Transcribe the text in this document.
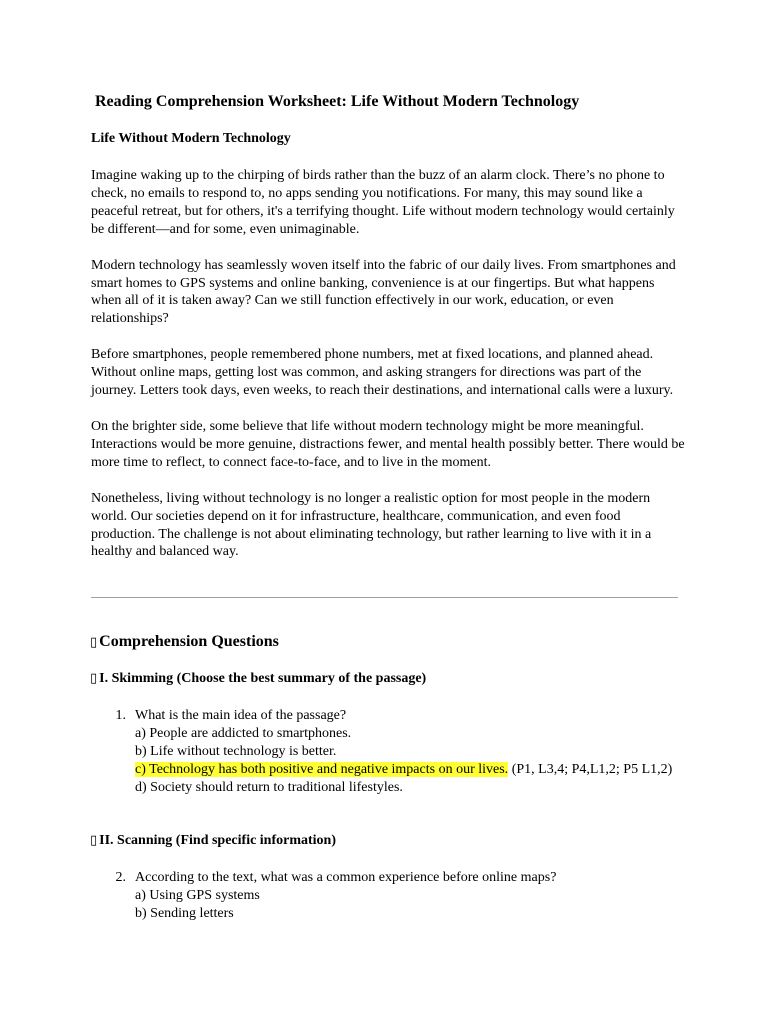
Reading Comprehension Worksheet: Life Without Modern Technology
Life Without Modern Technology

Imagine waking up to the chirping of birds rather than the buzz of an alarm clock. There’s no phone to check, no emails to respond to, no apps sending you notifications. For many, this may sound like a peaceful retreat, but for others, it's a terrifying thought. Life without modern technology would certainly be different—and for some, even unimaginable.

Modern technology has seamlessly woven itself into the fabric of our daily lives. From smartphones and smart homes to GPS systems and online banking, convenience is at our fingertips. But what happens when all of it is taken away? Can we still function effectively in our work, education, or even relationships?

Before smartphones, people remembered phone numbers, met at fixed locations, and planned ahead. Without online maps, getting lost was common, and asking strangers for directions was part of the journey. Letters took days, even weeks, to reach their destinations, and international calls were a luxury.

On the brighter side, some believe that life without modern technology might be more meaningful. Interactions would be more genuine, distractions fewer, and mental health possibly better. There would be more time to reflect, to connect face-to-face, and to live in the moment.

Nonetheless, living without technology is no longer a realistic option for most people in the modern world. Our societies depend on it for infrastructure, healthcare, communication, and even food production. The challenge is not about eliminating technology, but rather learning to live with it in a healthy and balanced way.

▯ Comprehension Questions
▯ I. Skimming (Choose the best summary of the passage)
1. What is the main idea of the passage?
a) People are addicted to smartphones.
b) Life without technology is better.
c) Technology has both positive and negative impacts on our lives. (P1, L3,4; P4,L1,2; P5 L1,2)
d) Society should return to traditional lifestyles.
▯ II. Scanning (Find specific information)
2. According to the text, what was a common experience before online maps?
a) Using GPS systems
b) Sending letters
